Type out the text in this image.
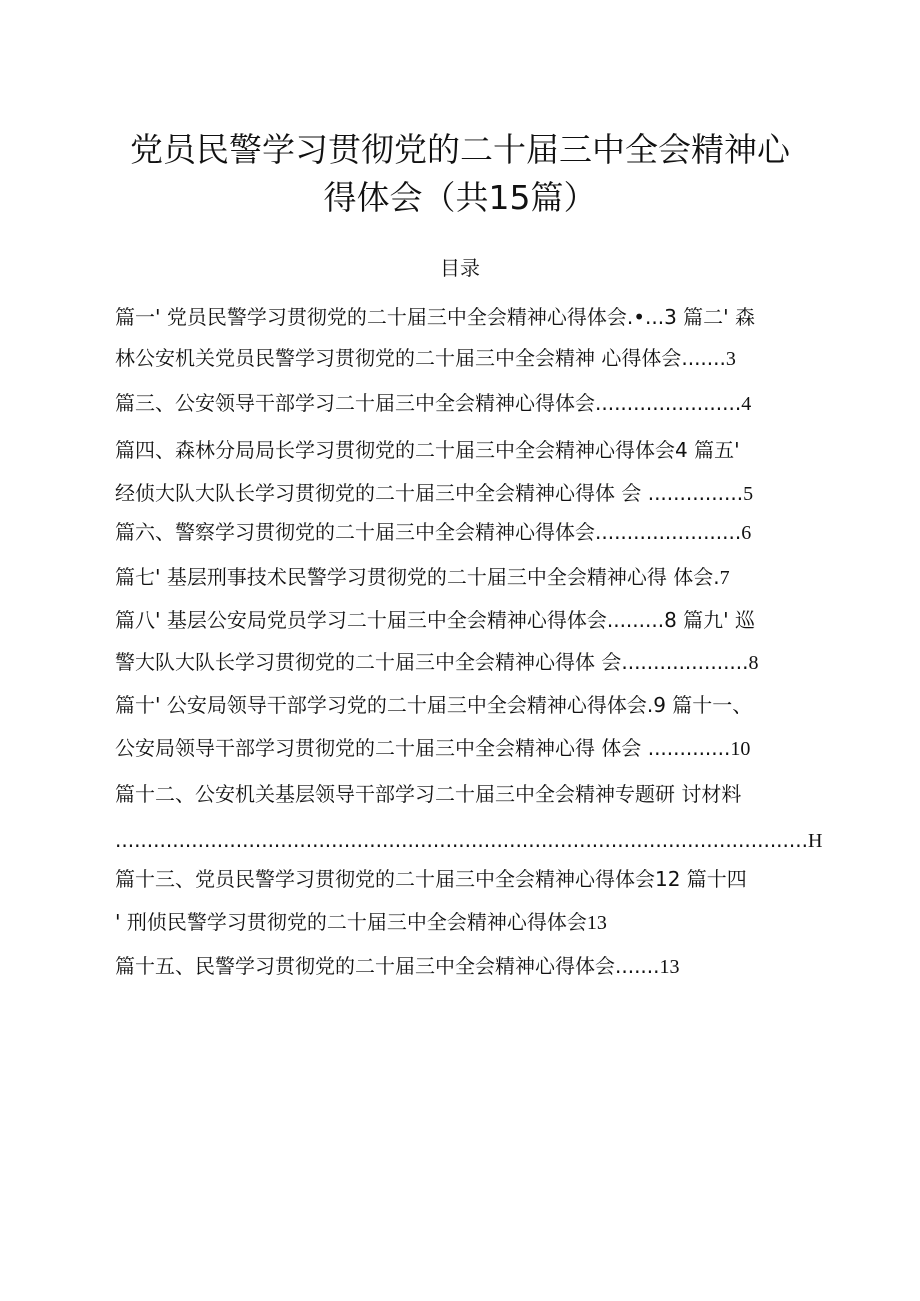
党员民警学习贯彻党的二十届三中全会精神心
得体会（共15篇）
目录
篇一' 党员民警学习贯彻党的二十届三中全会精神心得体会.•...3 篇二' 森
林公安机关党员民警学习贯彻党的二十届三中全会精神 心得体会.......3
篇三、公安领导干部学习二十届三中全会精神心得体会.......................4
篇四、森林分局局长学习贯彻党的二十届三中全会精神心得体会4 篇五'
经侦大队大队长学习贯彻党的二十届三中全会精神心得体 会 ...............5
篇六、警察学习贯彻党的二十届三中全会精神心得体会.......................6
篇七' 基层刑事技术民警学习贯彻党的二十届三中全会精神心得 体会.7
篇八' 基层公安局党员学习二十届三中全会精神心得体会.........8 篇九' 巡
警大队大队长学习贯彻党的二十届三中全会精神心得体 会....................8
篇十' 公安局领导干部学习党的二十届三中全会精神心得体会.9 篇十一、
公安局领导干部学习贯彻党的二十届三中全会精神心得 体会 .............10
篇十二、公安机关基层领导干部学习二十届三中全会精神专题研 讨材料
.............................................................................................................H
篇十三、党员民警学习贯彻党的二十届三中全会精神心得体会12 篇十四
' 刑侦民警学习贯彻党的二十届三中全会精神心得体会13
篇十五、民警学习贯彻党的二十届三中全会精神心得体会.......13
